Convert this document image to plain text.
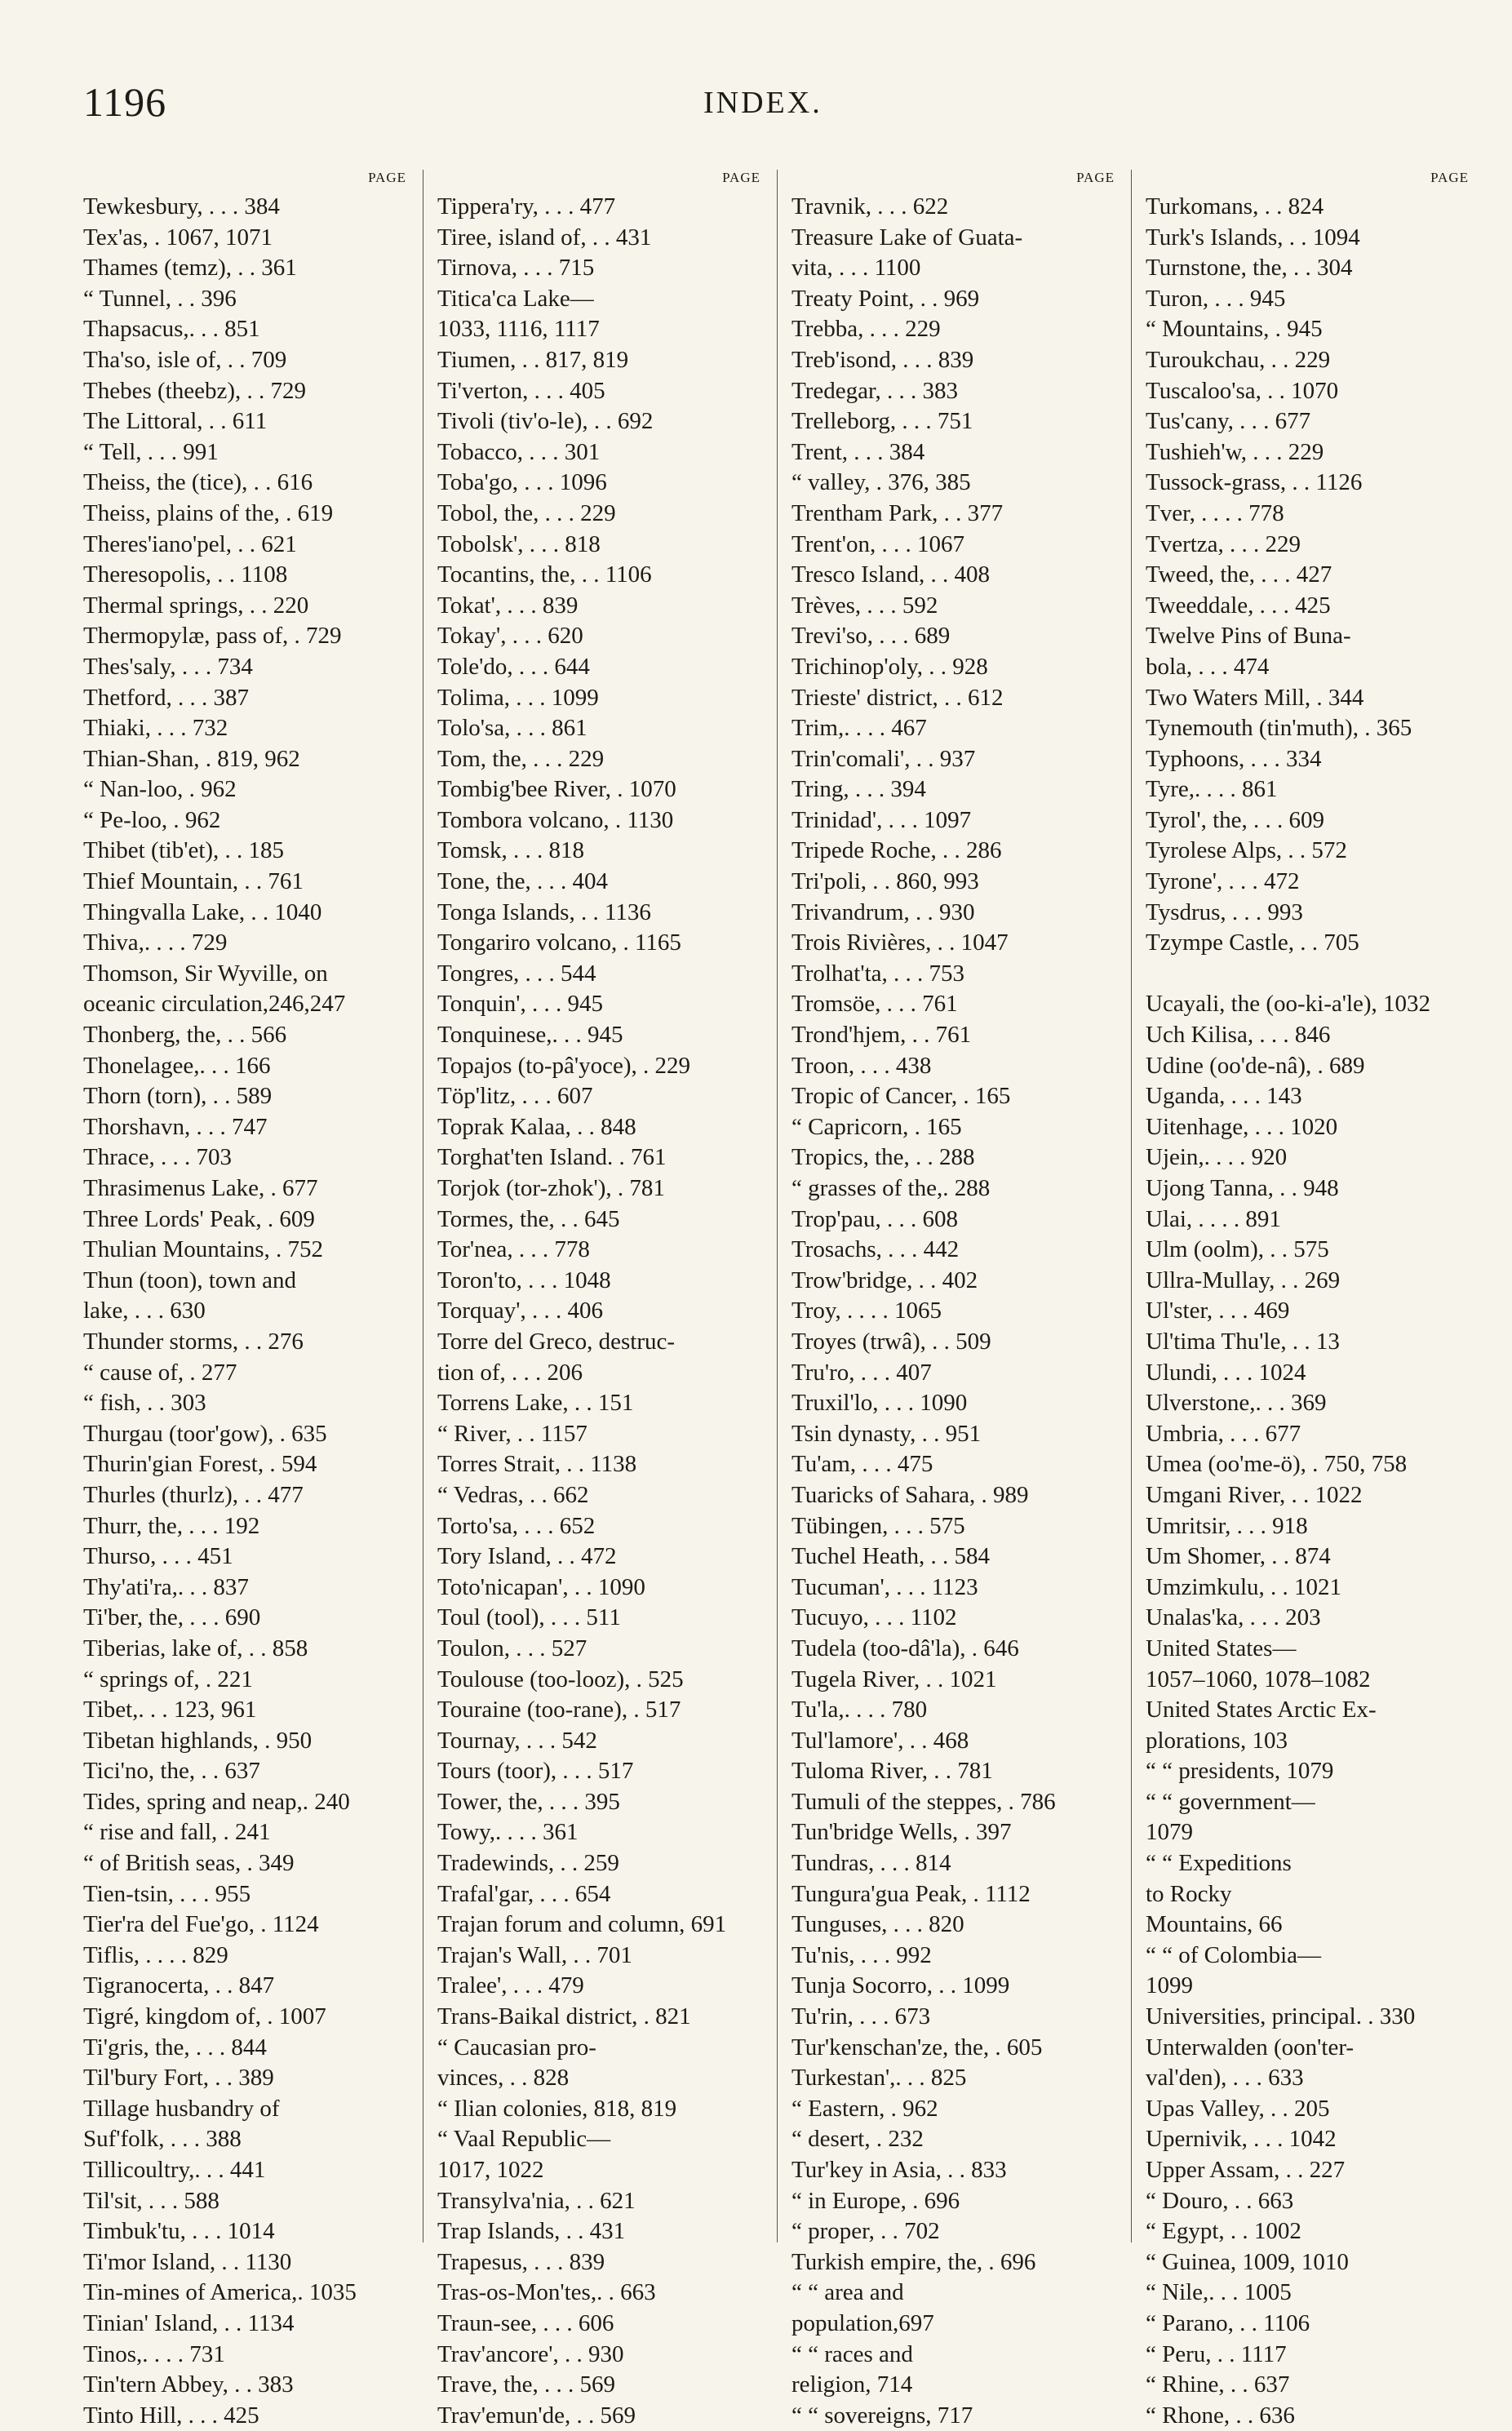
1196	INDEX.
PAGE
Tewkesbury, . . . 384
Tex'as, . 1067, 1071
Thames (temz), . . 361
“ Tunnel, . . 396
Thapsacus,. . . 851
Tha'so, isle of, . . 709
Thebes (theebz), . . 729
The Littoral, . . 611
“ Tell, . . . 991
Theiss, the (tice), . . 616
Theiss, plains of the, . 619
Theres'iano'pel, . . 621
Theresopolis, . . 1108
Thermal springs, . . 220
Thermopylæ, pass of, . 729
Thes'saly, . . . 734
Thetford, . . . 387
Thiaki, . . . 732
Thian-Shan, . 819, 962
“ Nan-loo, . 962
“ Pe-loo, . 962
Thibet (tib'et), . . 185
Thief Mountain, . . 761
Thingvalla Lake, . . 1040
Thiva,. . . . 729
Thomson, Sir Wyville, on
oceanic circulation,246,247
Thonberg, the, . . 566
Thonelagee,. . . 166
Thorn (torn), . . 589
Thorshavn, . . . 747
Thrace, . . . 703
Thrasimenus Lake, . 677
Three Lords' Peak, . 609
Thulian Mountains, . 752
Thun (toon), town and
lake, . . . 630
Thunder storms, . . 276
“ cause of, . 277
“ fish, . . 303
Thurgau (toor'gow), . 635
Thurin'gian Forest, . 594
Thurles (thurlz), . . 477
Thurr, the, . . . 192
Thurso, . . . 451
Thy'ati'ra,. . . 837
Ti'ber, the, . . . 690
Tiberias, lake of, . . 858
“ springs of, . 221
Tibet,. . . 123, 961
Tibetan highlands, . 950
Tici'no, the, . . 637
Tides, spring and neap,. 240
“ rise and fall, . 241
“ of British seas, . 349
Tien-tsin, . . . 955
Tier'ra del Fue'go, . 1124
Tiflis, . . . . 829
Tigranocerta, . . 847
Tigré, kingdom of, . 1007
Ti'gris, the, . . . 844
Til'bury Fort, . . 389
Tillage husbandry of
Suf'folk, . . . 388
Tillicoultry,. . . 441
Til'sit, . . . 588
Timbuk'tu, . . . 1014
Ti'mor Island, . . 1130
Tin-mines of America,. 1035
Tinian' Island, . . 1134
Tinos,. . . . 731
Tin'tern Abbey, . . 383
Tinto Hill, . . . 425
PAGE
Tippera'ry, . . . 477
Tiree, island of, . . 431
Tirnova, . . . 715
Titica'ca Lake—
1033, 1116, 1117
Tiumen, . . 817, 819
Ti'verton, . . . 405
Tivoli (tiv'o-le), . . 692
Tobacco, . . . 301
Toba'go, . . . 1096
Tobol, the, . . . 229
Tobolsk', . . . 818
Tocantins, the, . . 1106
Tokat', . . . 839
Tokay', . . . 620
Tole'do, . . . 644
Tolima, . . . 1099
Tolo'sa, . . . 861
Tom, the, . . . 229
Tombig'bee River, . 1070
Tombora volcano, . 1130
Tomsk, . . . 818
Tone, the, . . . 404
Tonga Islands, . . 1136
Tongariro volcano, . 1165
Tongres, . . . 544
Tonquin', . . . 945
Tonquinese,. . . 945
Topajos (to-pâ'yoce), . 229
Töp'litz, . . . 607
Toprak Kalaa, . . 848
Torghat'ten Island. . 761
Torjok (tor-zhok'), . 781
Tormes, the, . . 645
Tor'nea, . . . 778
Toron'to, . . . 1048
Torquay', . . . 406
Torre del Greco, destruc-
tion of, . . . 206
Torrens Lake, . . 151
“ River, . . 1157
Torres Strait, . . 1138
“ Vedras, . . 662
Torto'sa, . . . 652
Tory Island, . . 472
Toto'nicapan', . . 1090
Toul (tool), . . . 511
Toulon, . . . 527
Toulouse (too-looz), . 525
Touraine (too-rane), . 517
Tournay, . . . 542
Tours (toor), . . . 517
Tower, the, . . . 395
Towy,. . . . 361
Tradewinds, . . 259
Trafal'gar, . . . 654
Trajan forum and column, 691
Trajan's Wall, . . 701
Tralee', . . . 479
Trans-Baikal district, . 821
“ Caucasian pro-
vinces, . . 828
“ Ilian colonies, 818, 819
“ Vaal Republic—
1017, 1022
Transylva'nia, . . 621
Trap Islands, . . 431
Trapesus, . . . 839
Tras-os-Mon'tes,. . 663
Traun-see, . . . 606
Trav'ancore', . . 930
Trave, the, . . . 569
Trav'emun'de, . . 569
PAGE
Travnik, . . . 622
Treasure Lake of Guata-
vita, . . . 1100
Treaty Point, . . 969
Trebba, . . . 229
Treb'isond, . . . 839
Tredegar, . . . 383
Trelleborg, . . . 751
Trent, . . . 384
“ valley, . 376, 385
Trentham Park, . . 377
Trent'on, . . . 1067
Tresco Island, . . 408
Trèves, . . . 592
Trevi'so, . . . 689
Trichinop'oly, . . 928
Trieste' district, . . 612
Trim,. . . . 467
Trin'comali', . . 937
Tring, . . . 394
Trinidad', . . . 1097
Tripede Roche, . . 286
Tri'poli, . . 860, 993
Trivandrum, . . 930
Trois Rivières, . . 1047
Trolhat'ta, . . . 753
Tromsöe, . . . 761
Trond'hjem, . . 761
Troon, . . . 438
Tropic of Cancer, . 165
“ Capricorn, . 165
Tropics, the, . . 288
“ grasses of the,. 288
Trop'pau, . . . 608
Trosachs, . . . 442
Trow'bridge, . . 402
Troy, . . . . 1065
Troyes (trwâ), . . 509
Tru'ro, . . . 407
Truxil'lo, . . . 1090
Tsin dynasty, . . 951
Tu'am, . . . 475
Tuaricks of Sahara, . 989
Tübingen, . . . 575
Tuchel Heath, . . 584
Tucuman', . . . 1123
Tucuyo, . . . 1102
Tudela (too-dâ'la), . 646
Tugela River, . . 1021
Tu'la,. . . . 780
Tul'lamore', . . 468
Tuloma River, . . 781
Tumuli of the steppes, . 786
Tun'bridge Wells, . 397
Tundras, . . . 814
Tungura'gua Peak, . 1112
Tunguses, . . . 820
Tu'nis, . . . 992
Tunja Socorro, . . 1099
Tu'rin, . . . 673
Tur'kenschan'ze, the, . 605
Turkestan',. . . 825
“ Eastern, . 962
“ desert, . 232
Tur'key in Asia, . . 833
“ in Europe, . 696
“ proper, . . 702
Turkish empire, the, . 696
“ “ area and
population,697
“ “ races and
religion, 714
“ “ sovereigns, 717
PAGE
Turkomans, . . 824
Turk's Islands, . . 1094
Turnstone, the, . . 304
Turon, . . . 945
“ Mountains, . 945
Turoukchau, . . 229
Tuscaloo'sa, . . 1070
Tus'cany, . . . 677
Tushieh'w, . . . 229
Tussock-grass, . . 1126
Tver, . . . . 778
Tvertza, . . . 229
Tweed, the, . . . 427
Tweeddale, . . . 425
Twelve Pins of Buna-
bola, . . . 474
Two Waters Mill, . 344
Tynemouth (tin'muth), . 365
Typhoons, . . . 334
Tyre,. . . . 861
Tyrol', the, . . . 609
Tyrolese Alps, . . 572
Tyrone', . . . 472
Tysdrus, . . . 993
Tzympe Castle, . . 705
Ucayali, the (oo-ki-a'le), 1032
Uch Kilisa, . . . 846
Udine (oo'de-nâ), . 689
Uganda, . . . 143
Uitenhage, . . . 1020
Ujein,. . . . 920
Ujong Tanna, . . 948
Ulai, . . . . 891
Ulm (oolm), . . 575
Ullra-Mullay, . . 269
Ul'ster, . . . 469
Ul'tima Thu'le, . . 13
Ulundi, . . . 1024
Ulverstone,. . . 369
Umbria, . . . 677
Umea (oo'me-ö), . 750, 758
Umgani River, . . 1022
Umritsir, . . . 918
Um Shomer, . . 874
Umzimkulu, . . 1021
Unalas'ka, . . . 203
United States—
1057–1060, 1078–1082
United States Arctic Ex-
plorations, 103
“ “ presidents, 1079
“ “ government—
1079
“ “ Expeditions
to Rocky
Mountains, 66
“ “ of Colombia—
1099
Universities, principal. . 330
Unterwalden (oon'ter-
val'den), . . . 633
Upas Valley, . . 205
Upernivik, . . . 1042
Upper Assam, . . 227
“ Douro, . . 663
“ Egypt, . . 1002
“ Guinea, 1009, 1010
“ Nile,. . . 1005
“ Parano, . . 1106
“ Peru, . . 1117
“ Rhine, . . 637
“ Rhone, . . 636
